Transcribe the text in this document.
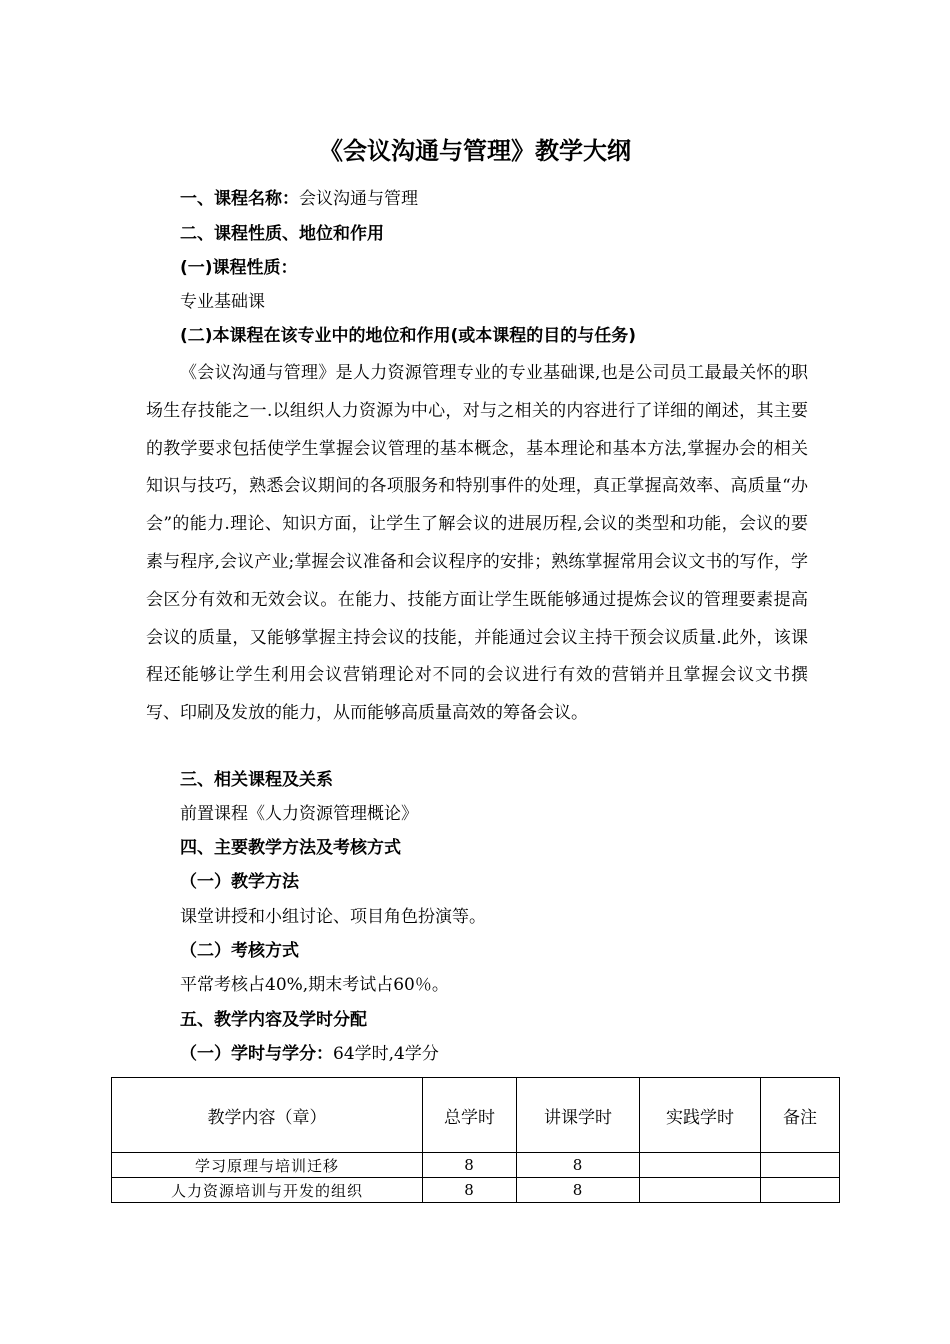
《会议沟通与管理》教学大纲
一、课程名称：会议沟通与管理
二、课程性质、地位和作用
(一)课程性质：
专业基础课
(二)本课程在该专业中的地位和作用(或本课程的目的与任务)

《会议沟通与管理》是人力资源管理专业的专业基础课,也是公司员工最最关怀的职场生存技能之一.以组织人力资源为中心，对与之相关的内容进行了详细的阐述，其主要的教学要求包括使学生掌握会议管理的基本概念，基本理论和基本方法,掌握办会的相关知识与技巧，熟悉会议期间的各项服务和特别事件的处理，真正掌握高效率、高质量“办会”的能力.理论、知识方面，让学生了解会议的进展历程,会议的类型和功能，会议的要素与程序,会议产业;掌握会议准备和会议程序的安排；熟练掌握常用会议文书的写作，学会区分有效和无效会议。在能力、技能方面让学生既能够通过提炼会议的管理要素提高会议的质量，又能够掌握主持会议的技能，并能通过会议主持干预会议质量.此外，该课程还能够让学生利用会议营销理论对不同的会议进行有效的营销并且掌握会议文书撰写、印刷及发放的能力，从而能够高质量高效的筹备会议。

三、相关课程及关系
前置课程《人力资源管理概论》
四、主要教学方法及考核方式
（一）教学方法
课堂讲授和小组讨论、项目角色扮演等。
（二）考核方式
平常考核占40%,期末考试占60％。
五、教学内容及学时分配
（一）学时与学分：64学时,4学分
教学内容（章）	总学时	讲课学时	实践学时	备注
学习原理与培训迁移	8	8		
人力资源培训与开发的组织	8	8		
